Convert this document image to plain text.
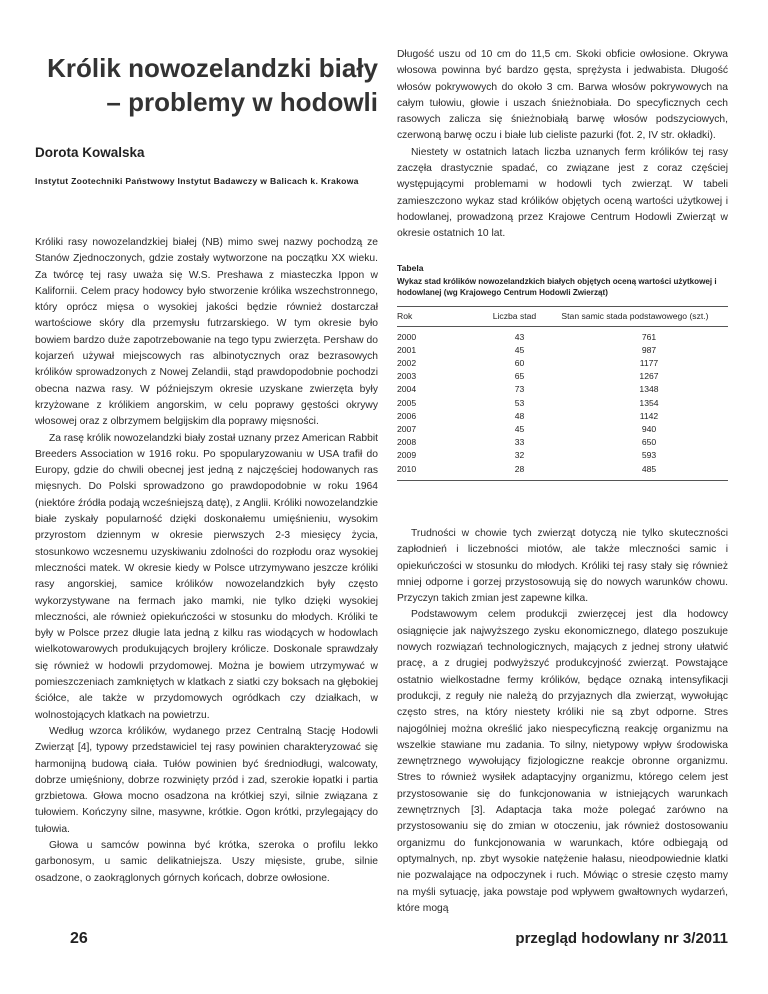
Królik nowozelandzki biały
– problemy w hodowli

Dorota Kowalska

Instytut Zootechniki Państwowy Instytut Badawczy w Balicach k. Krakowa

Króliki rasy nowozelandzkiej białej (NB) mimo swej nazwy pochodzą ze Stanów Zjednoczonych, gdzie zostały wytworzone na początku XX wieku. Za twórcę tej rasy uważa się W.S. Preshawa z miasteczka Ippon w Kalifornii. Celem pracy hodowcy było stworzenie królika wszechstronnego, który oprócz mięsa o wysokiej jakości będzie również dostarczał wartościowe skóry dla przemysłu futrzarskiego. W tym okresie było bowiem bardzo duże zapotrzebowanie na tego typu zwierzęta. Pershaw do kojarzeń używał miejscowych ras albinotycznych oraz bezrasowych królików sprowadzonych z Nowej Zelandii, stąd prawdopodobnie pochodzi obecna nazwa rasy. W późniejszym okresie uzyskane zwierzęta były krzyżowane z królikiem angorskim, w celu poprawy gęstości okrywy włosowej oraz z olbrzymem belgijskim dla poprawy mięsności.

Za rasę królik nowozelandzki biały został uznany przez American Rabbit Breeders Association w 1916 roku. Po spopularyzowaniu w USA trafił do Europy, gdzie do chwili obecnej jest jedną z najczęściej hodowanych ras mięsnych. Do Polski sprowadzono go prawdopodobnie w roku 1964 (niektóre źródła podają wcześniejszą datę), z Anglii. Króliki nowozelandzkie białe zyskały popularność dzięki doskonałemu umięśnieniu, wysokim przyrostom dziennym w okresie pierwszych 2-3 miesięcy życia, stosunkowo wczesnemu uzyskiwaniu zdolności do rozpłodu oraz wysokiej mleczności matek. W okresie kiedy w Polsce utrzymywano jeszcze króliki rasy angorskiej, samice królików nowozelandzkich były często wykorzystywane na fermach jako mamki, nie tylko dzięki wysokiej mleczności, ale również opiekuńczości w stosunku do młodych. Króliki te były w Polsce przez długie lata jedną z kilku ras wiodących w hodowlach wielkotowarowych produkujących brojlery królicze. Doskonale sprawdzały się również w hodowli przydomowej. Można je bowiem utrzymywać w pomieszczeniach zamkniętych w klatkach z siatki czy boksach na głębokiej ściółce, ale także w przydomowych ogródkach czy działkach, w wolnostojących klatkach na powietrzu.

Według wzorca królików, wydanego przez Centralną Stację Hodowli Zwierząt [4], typowy przedstawiciel tej rasy powinien charakteryzować się harmonijną budową ciała. Tułów powinien być średniodługi, walcowaty, dobrze umięśniony, dobrze rozwinięty przód i zad, szerokie łopatki i partia grzbietowa. Głowa mocno osadzona na krótkiej szyi, silnie związana z tułowiem. Kończyny silne, masywne, krótkie. Ogon krótki, przylegający do tułowia.

Głowa u samców powinna być krótka, szeroka o profilu lekko garbonosym, u samic delikatniejsza. Uszy mięsiste, grube, silnie osadzone, o zaokrąglonych górnych końcach, dobrze owłosione.

26

Długość uszu od 10 cm do 11,5 cm. Skoki obficie owłosione. Okrywa włosowa powinna być bardzo gęsta, sprężysta i jedwabista. Długość włosów pokrywowych do około 3 cm. Barwa włosów pokrywowych na całym tułowiu, głowie i uszach śnieżnobiała. Do specyficznych cech rasowych zalicza się śnieżnobiałą barwę włosów podszyciowych, czerwoną barwę oczu i białe lub cieliste pazurki (fot. 2, IV str. okładki).

Niestety w ostatnich latach liczba uznanych ferm królików tej rasy zaczęła drastycznie spadać, co związane jest z coraz częściej występującymi problemami w hodowli tych zwierząt. W tabeli zamieszczono wykaz stad królików objętych oceną wartości użytkowej i hodowlanej, prowadzoną przez Krajowe Centrum Hodowli Zwierząt w okresie ostatnich 10 lat.

Tabela

Wykaz stad królików nowozelandzkich białych objętych oceną wartości użytkowej i hodowlanej (wg Krajowego Centrum Hodowli Zwierząt)

Rok	Liczba stad	Stan samic stada podstawowego (szt.)
2000	43	761
2001	45	987
2002	60	1177
2003	65	1267
2004	73	1348
2005	53	1354
2006	48	1142
2007	45	940
2008	33	650
2009	32	593
2010	28	485

Trudności w chowie tych zwierząt dotyczą nie tylko skuteczności zapłodnień i liczebności miotów, ale także mleczności samic i opiekuńczości w stosunku do młodych. Króliki tej rasy stały się również mniej odporne i gorzej przystosowują się do nowych warunków chowu. Przyczyn takich zmian jest zapewne kilka.

Podstawowym celem produkcji zwierzęcej jest dla hodowcy osiągnięcie jak najwyższego zysku ekonomicznego, dlatego poszukuje nowych rozwiązań technologicznych, mających z jednej strony ułatwić pracę, a z drugiej podwyższyć produkcyjność zwierząt. Powstające ostatnio wielkostadne fermy królików, będące oznaką intensyfikacji produkcji, z reguły nie należą do przyjaznych dla zwierząt, wywołując często stres, na który niestety króliki nie są zbyt odporne. Stres najogólniej można określić jako niespecyficzną reakcję organizmu na wszelkie stawiane mu zadania. To silny, nietypowy wpływ środowiska zewnętrznego wywołujący fizjologiczne reakcje obronne organizmu. Stres to również wysiłek adaptacyjny organizmu, którego celem jest przystosowanie się do funkcjonowania w istniejących warunkach zewnętrznych [3]. Adaptacja taka może polegać zarówno na przystosowaniu się do zmian w otoczeniu, jak również dostosowaniu organizmu do funkcjonowania w warunkach, które odbiegają od optymalnych, np. zbyt wysokie natężenie hałasu, nieodpowiednie klatki nie pozwalające na odpoczynek i ruch. Mówiąc o stresie często mamy na myśli sytuację, jaka powstaje pod wpływem gwałtownych wydarzeń, które mogą

przegląd hodowlany nr 3/2011
